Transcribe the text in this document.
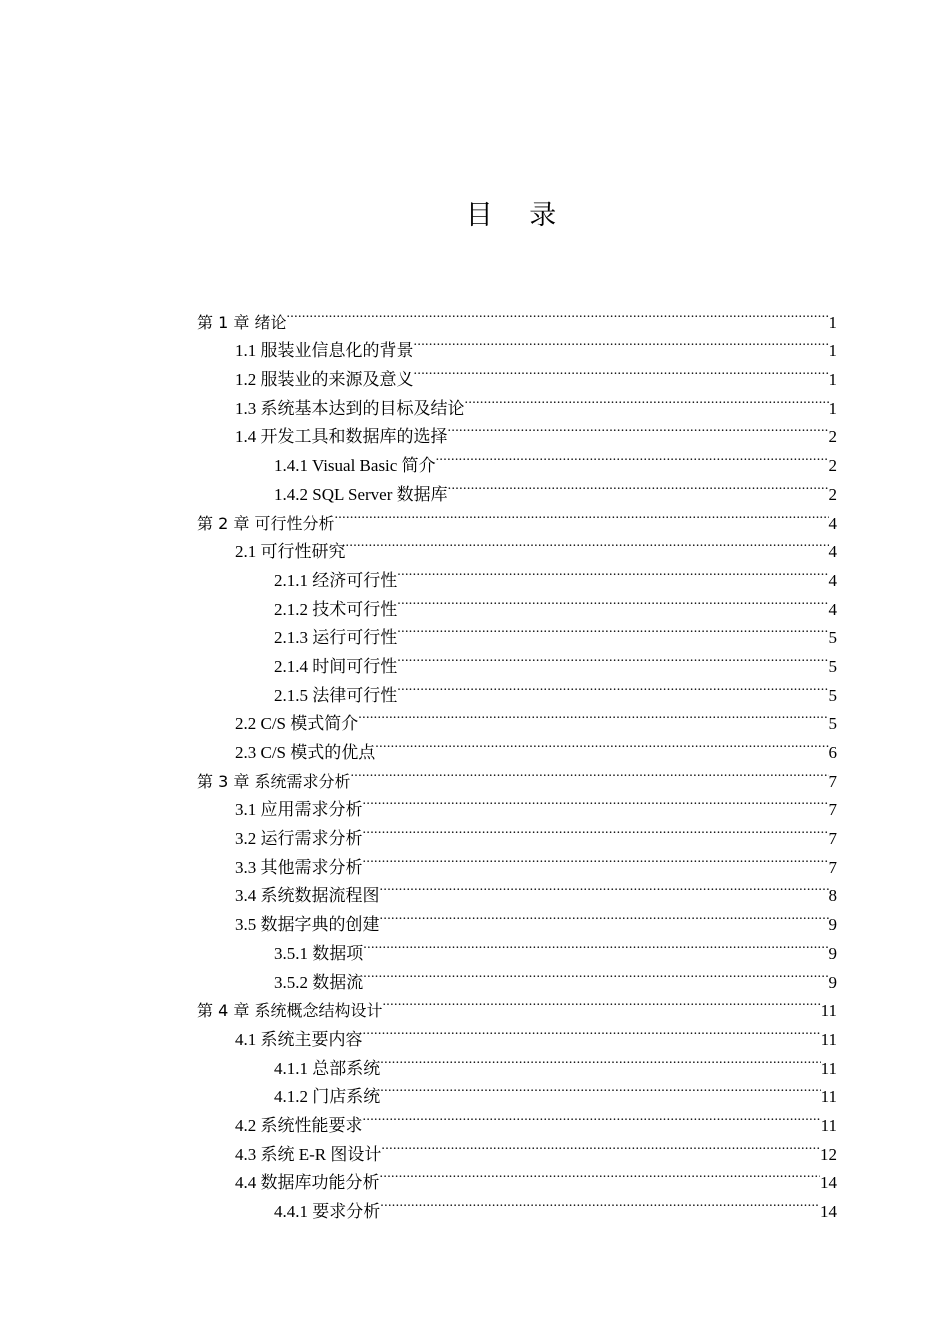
目 录
第 1 章 绪论 .....	1
1.1 服装业信息化的背景 .....	1
1.2 服装业的来源及意义 .....	1
1.3 系统基本达到的目标及结论 .....	1
1.4 开发工具和数据库的选择 .....	2
1.4.1 Visual Basic 简介 .....	2
1.4.2 SQL Server 数据库 .....	2
第 2 章 可行性分析 .....	4
2.1 可行性研究 .....	4
2.1.1 经济可行性 .....	4
2.1.2 技术可行性 .....	4
2.1.3 运行可行性 .....	5
2.1.4 时间可行性 .....	5
2.1.5 法律可行性 .....	5
2.2 C/S 模式简介 .....	5
2.3 C/S 模式的优点 .....	6
第 3 章 系统需求分析 .....	7
3.1 应用需求分析 .....	7
3.2 运行需求分析 .....	7
3.3 其他需求分析 .....	7
3.4 系统数据流程图 .....	8
3.5 数据字典的创建 .....	9
3.5.1 数据项 .....	9
3.5.2 数据流 .....	9
第 4 章 系统概念结构设计 .....	11
4.1 系统主要内容 .....	11
4.1.1 总部系统 .....	11
4.1.2 门店系统 .....	11
4.2 系统性能要求 .....	11
4.3 系统 E-R 图设计 .....	12
4.4 数据库功能分析 .....	14
4.4.1 要求分析 .....	14
